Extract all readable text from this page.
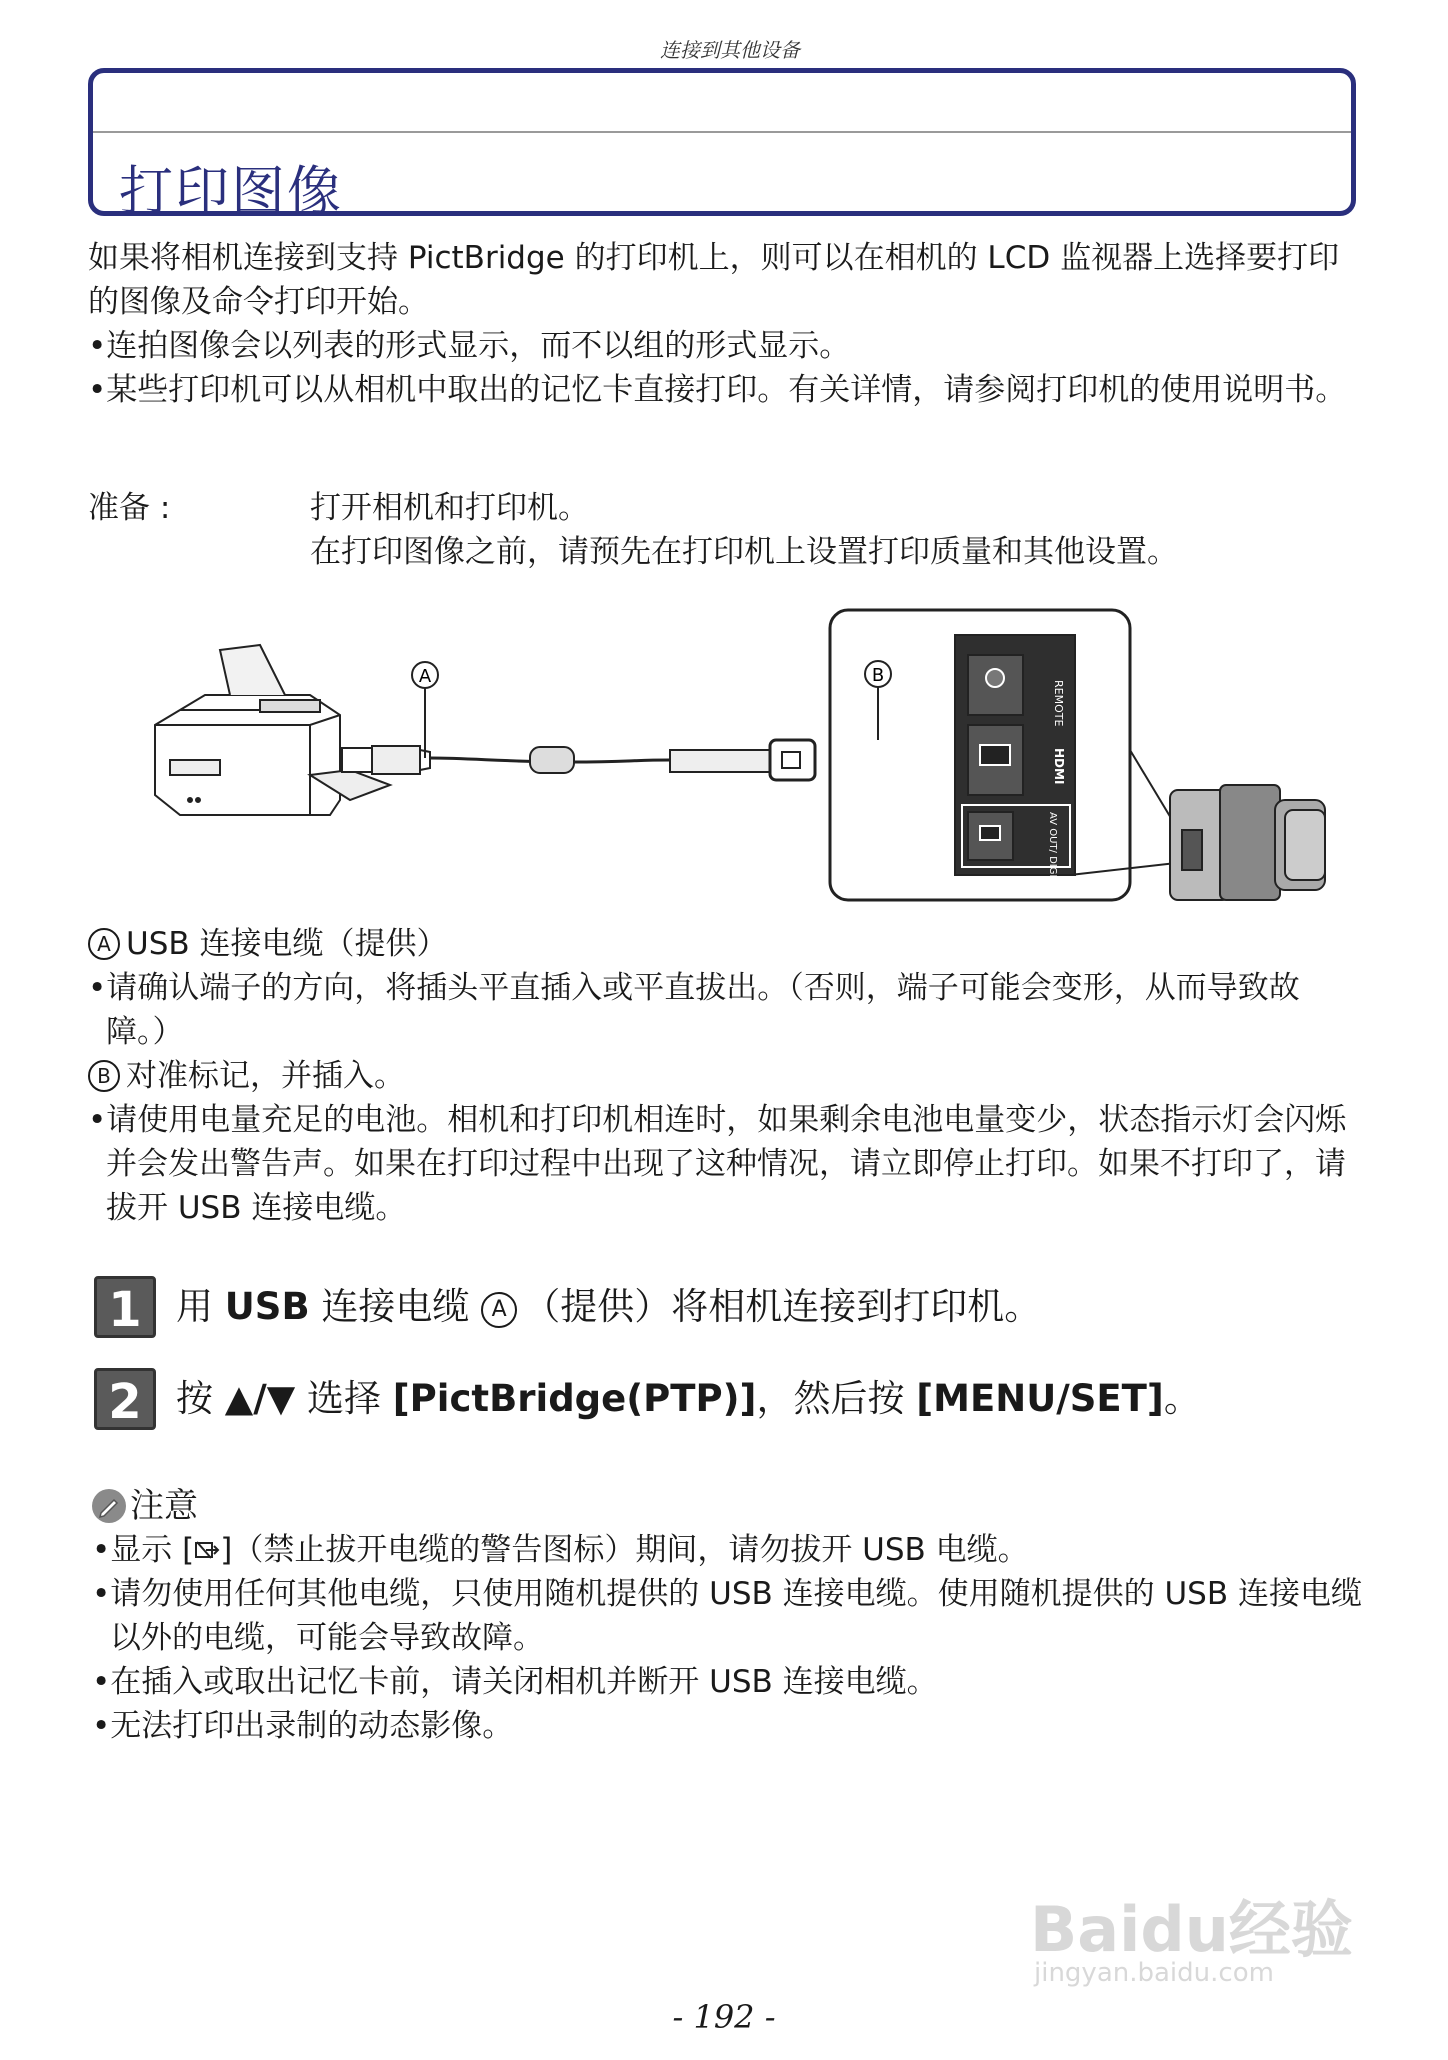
连接到其他设备
打印图像
如果将相机连接到支持 PictBridge 的打印机上，则可以在相机的 LCD 监视器上选择要打印的图像及命令打印开始。
•连拍图像会以列表的形式显示，而不以组的形式显示。
•某些打印机可以从相机中取出的记忆卡直接打印。有关详情，请参阅打印机的使用说明书。
准备 :	打开相机和打印机。
在打印图像之前，请预先在打印机上设置打印质量和其他设置。
A	B
REMOTE
HDMI
AV OUT/ DIGITAL
A USB 连接电缆（提供）
•请确认端子的方向，将插头平直插入或平直拔出。（否则，端子可能会变形，从而导致故障。）
B 对准标记，并插入。
•请使用电量充足的电池。相机和打印机相连时，如果剩余电池电量变少，状态指示灯会闪烁并会发出警告声。如果在打印过程中出现了这种情况，请立即停止打印。如果不打印了，请拔开 USB 连接电缆。
1 用 USB 连接电缆 A （提供）将相机连接到打印机。
2 按 ▲/▼ 选择 [PictBridge(PTP)]，然后按 [MENU/SET]。
注意
•显示 [ ]（禁止拔开电缆的警告图标）期间，请勿拔开 USB 电缆。
•请勿使用任何其他电缆，只使用随机提供的 USB 连接电缆。使用随机提供的 USB 连接电缆以外的电缆，可能会导致故障。
•在插入或取出记忆卡前，请关闭相机并断开 USB 连接电缆。
•无法打印出录制的动态影像。
Baidu经验
jingyan.baidu.com
- 192 -
